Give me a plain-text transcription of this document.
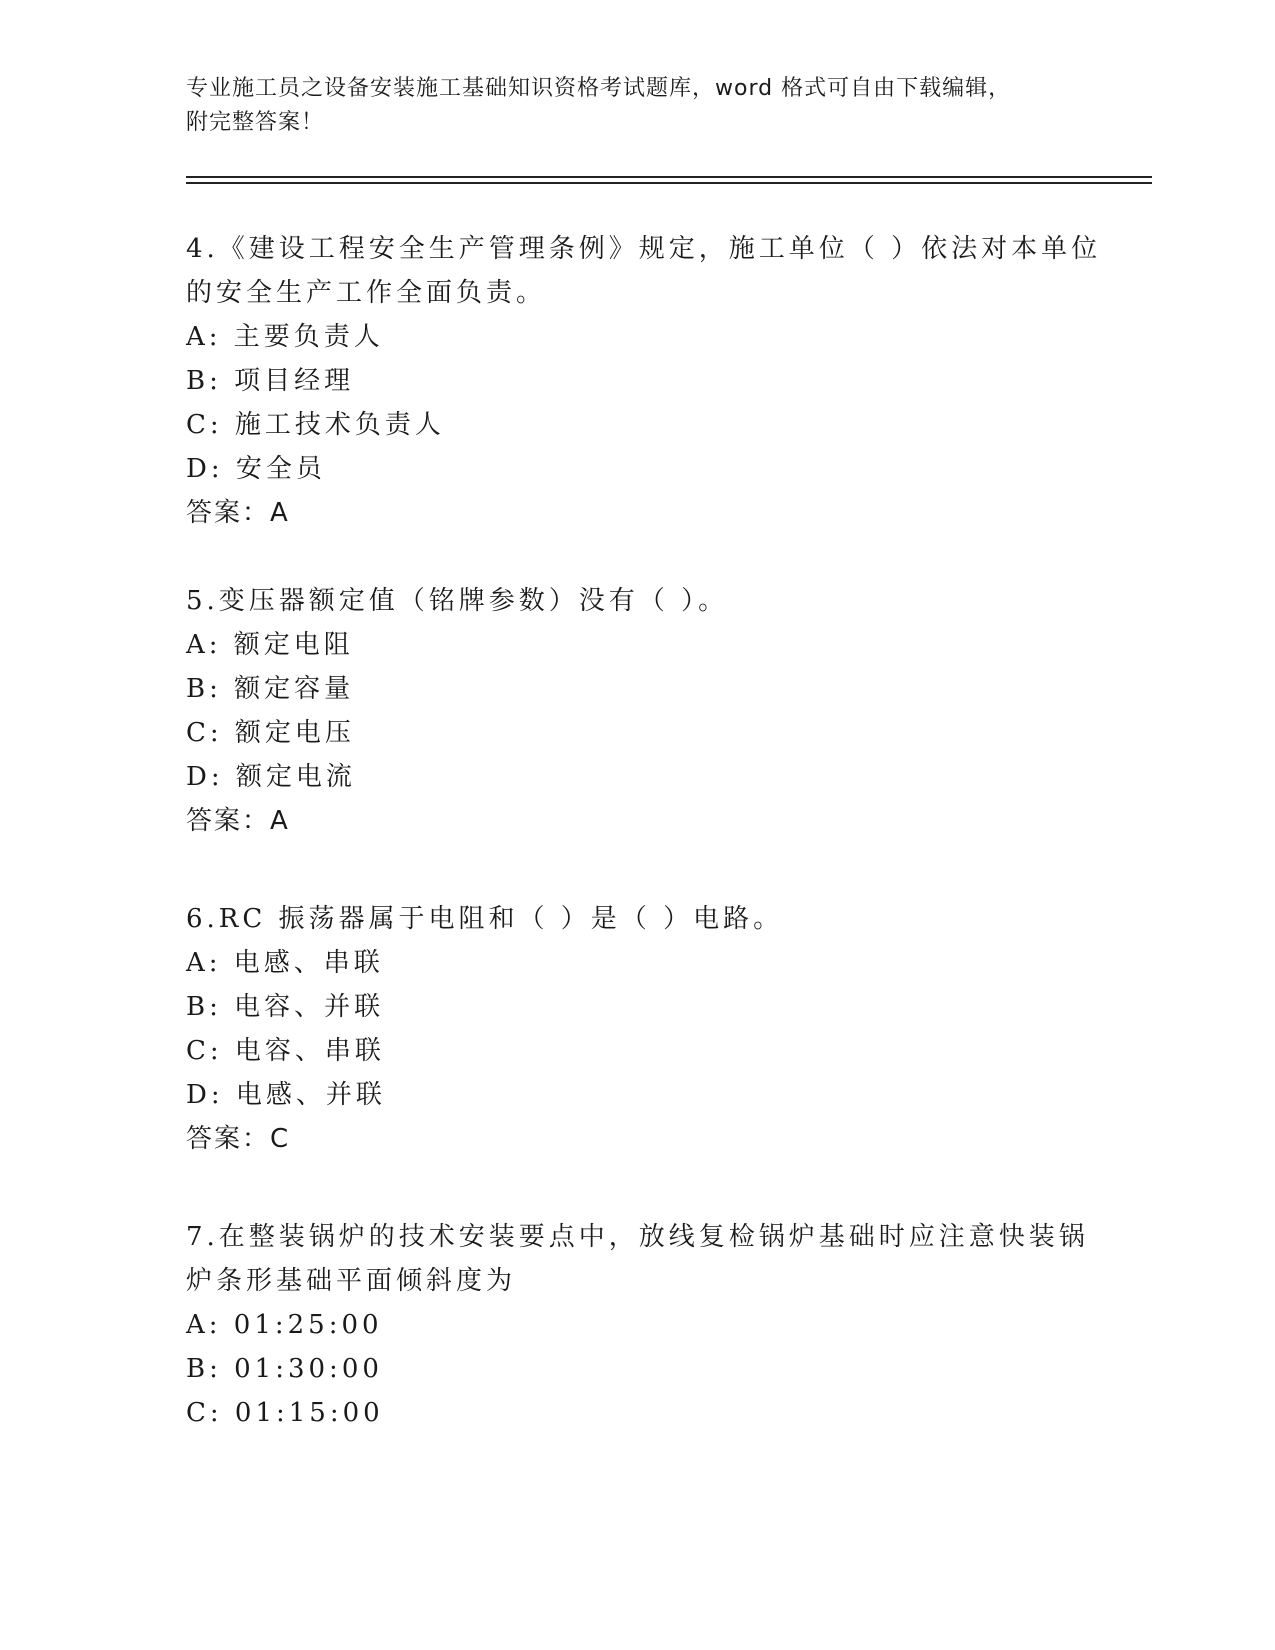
专业施工员之设备安装施工基础知识资格考试题库，word 格式可自由下载编辑，
附完整答案！
4.《建设工程安全生产管理条例》规定，施工单位（ ）依法对本单位
的安全生产工作全面负责。
A: 主要负责人
B: 项目经理
C: 施工技术负责人
D: 安全员
答案：A
5.变压器额定值（铭牌参数）没有（ ）。
A: 额定电阻
B: 额定容量
C: 额定电压
D: 额定电流
答案：A
6.RC 振荡器属于电阻和（ ）是（ ）电路。
A: 电感、串联
B: 电容、并联
C: 电容、串联
D: 电感、并联
答案：C
7.在整装锅炉的技术安装要点中，放线复检锅炉基础时应注意快装锅
炉条形基础平面倾斜度为
A: 01:25:00
B: 01:30:00
C: 01:15:00
